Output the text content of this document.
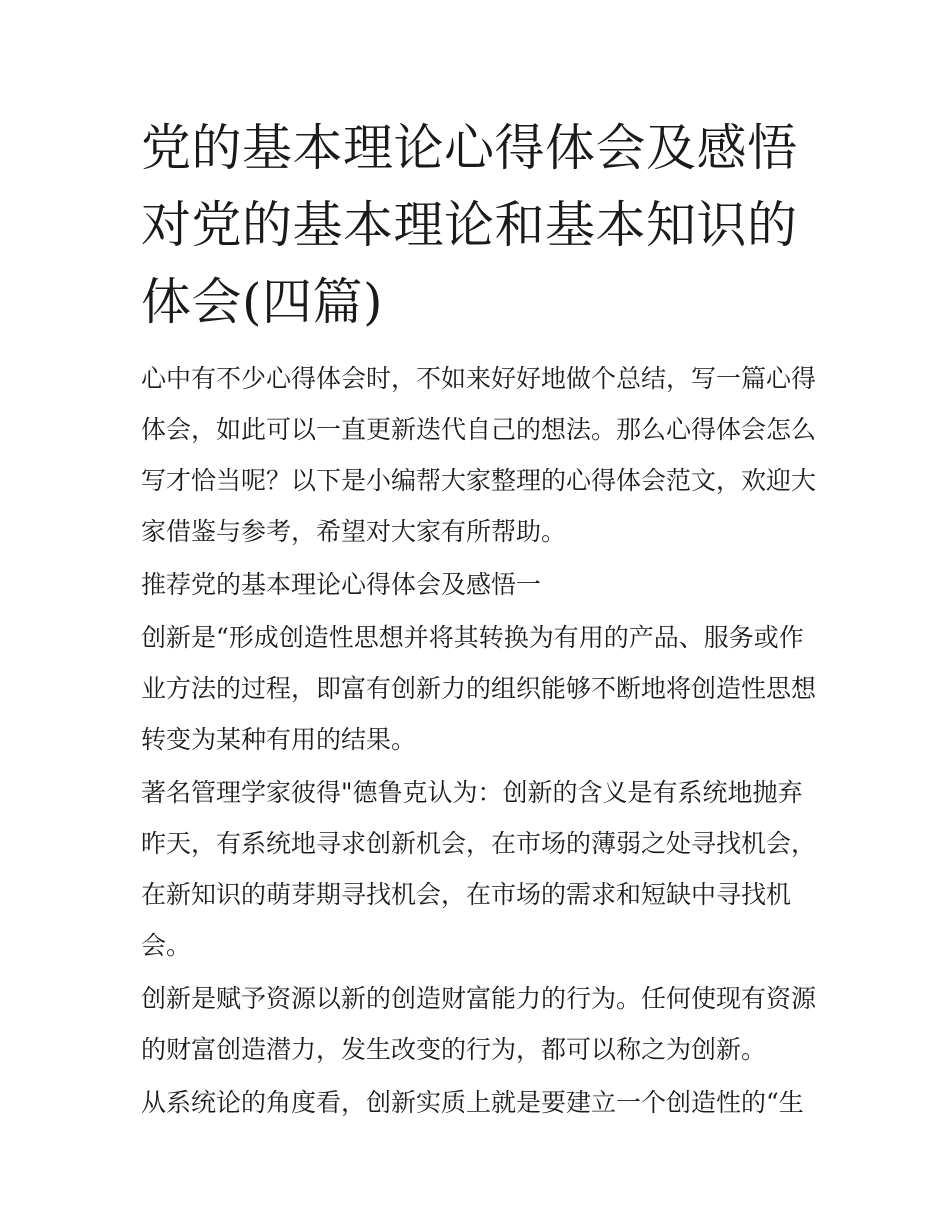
党的基本理论心得体会及感悟
对党的基本理论和基本知识的
体会(四篇)

心中有不少心得体会时，不如来好好地做个总结，写一篇心得
体会，如此可以一直更新迭代自己的想法。那么心得体会怎么
写才恰当呢？以下是小编帮大家整理的心得体会范文，欢迎大
家借鉴与参考，希望对大家有所帮助。

推荐党的基本理论心得体会及感悟一

创新是“形成创造性思想并将其转换为有用的产品、服务或作
业方法的过程，即富有创新力的组织能够不断地将创造性思想
转变为某种有用的结果。

著名管理学家彼得"德鲁克认为：创新的含义是有系统地抛弃
昨天，有系统地寻求创新机会，在市场的薄弱之处寻找机会，
在新知识的萌芽期寻找机会，在市场的需求和短缺中寻找机
会。

创新是赋予资源以新的创造财富能力的行为。任何使现有资源
的财富创造潜力，发生改变的行为，都可以称之为创新。

从系统论的角度看，创新实质上就是要建立一个创造性的“生
